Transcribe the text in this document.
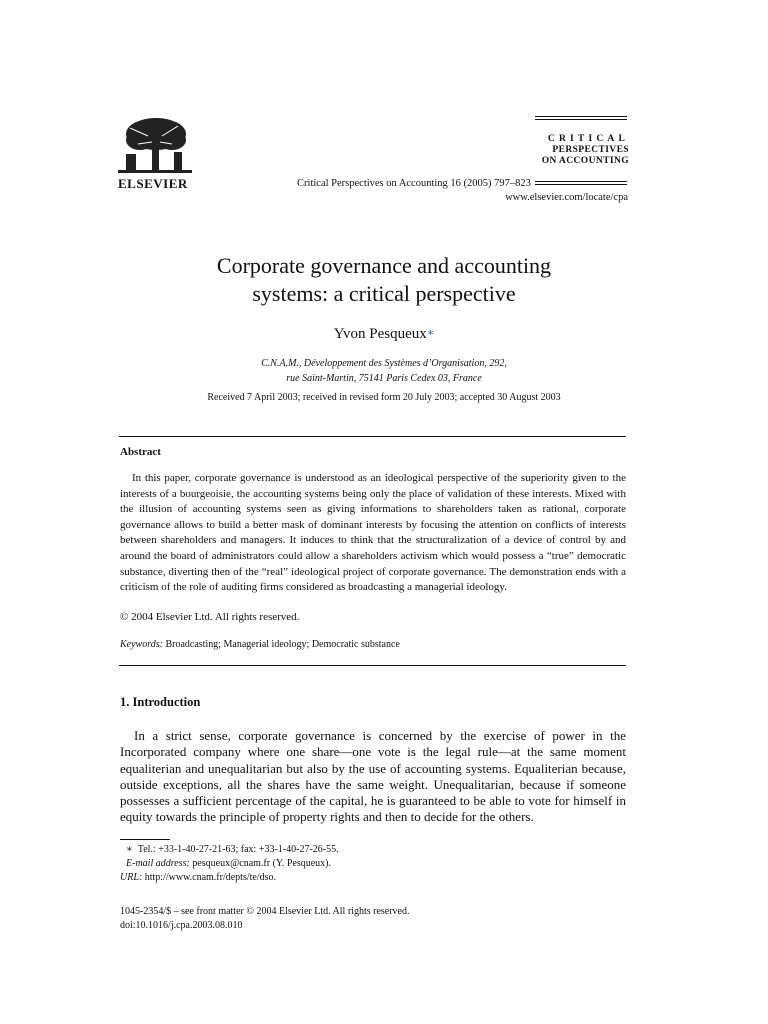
ELSEVIER	Critical Perspectives on Accounting 16 (2005) 797–823
CRITICAL
PERSPECTIVES
ON ACCOUNTING
www.elsevier.com/locate/cpa
Corporate governance and accounting
systems: a critical perspective
Yvon Pesqueux∗
C.N.A.M., Développement des Systèmes d’Organisation, 292,
rue Saint-Martin, 75141 Paris Cedex 03, France
Received 7 April 2003; received in revised form 20 July 2003; accepted 30 August 2003
Abstract

In this paper, corporate governance is understood as an ideological perspective of the superiority given to the interests of a bourgeoisie, the accounting systems being only the place of validation of these interests. Mixed with the illusion of accounting systems seen as giving informations to shareholders taken as rational, corporate governance allows to build a better mask of dominant interests by focusing the attention on conflicts of interests between shareholders and managers. It induces to think that the structuralization of a device of control by and around the board of administrators could allow a shareholders activism which would possess a “true” democratic substance, diverting then of the “real” ideological project of corporate governance. The demonstration ends with a criticism of the role of auditing firms considered as broadcasting a managerial ideology.

© 2004 Elsevier Ltd. All rights reserved.
Keywords: Broadcasting; Managerial ideology; Democratic substance
1. Introduction

In a strict sense, corporate governance is concerned by the exercise of power in the Incorporated company where one share—one vote is the legal rule—at the same moment equaliterian and unequalitarian but also by the use of accounting systems. Equaliterian because, outside exceptions, all the shares have the same weight. Unequalitarian, because if someone possesses a sufficient percentage of the capital, he is guaranteed to be able to vote for himself in equity towards the principle of property rights and then to decide for the others.

∗ Tel.: +33-1-40-27-21-63; fax: +33-1-40-27-26-55.
E-mail address: pesqueux@cnam.fr (Y. Pesqueux).
URL: http://www.cnam.fr/depts/te/dso.
1045-2354/$ – see front matter © 2004 Elsevier Ltd. All rights reserved.
doi:10.1016/j.cpa.2003.08.010
